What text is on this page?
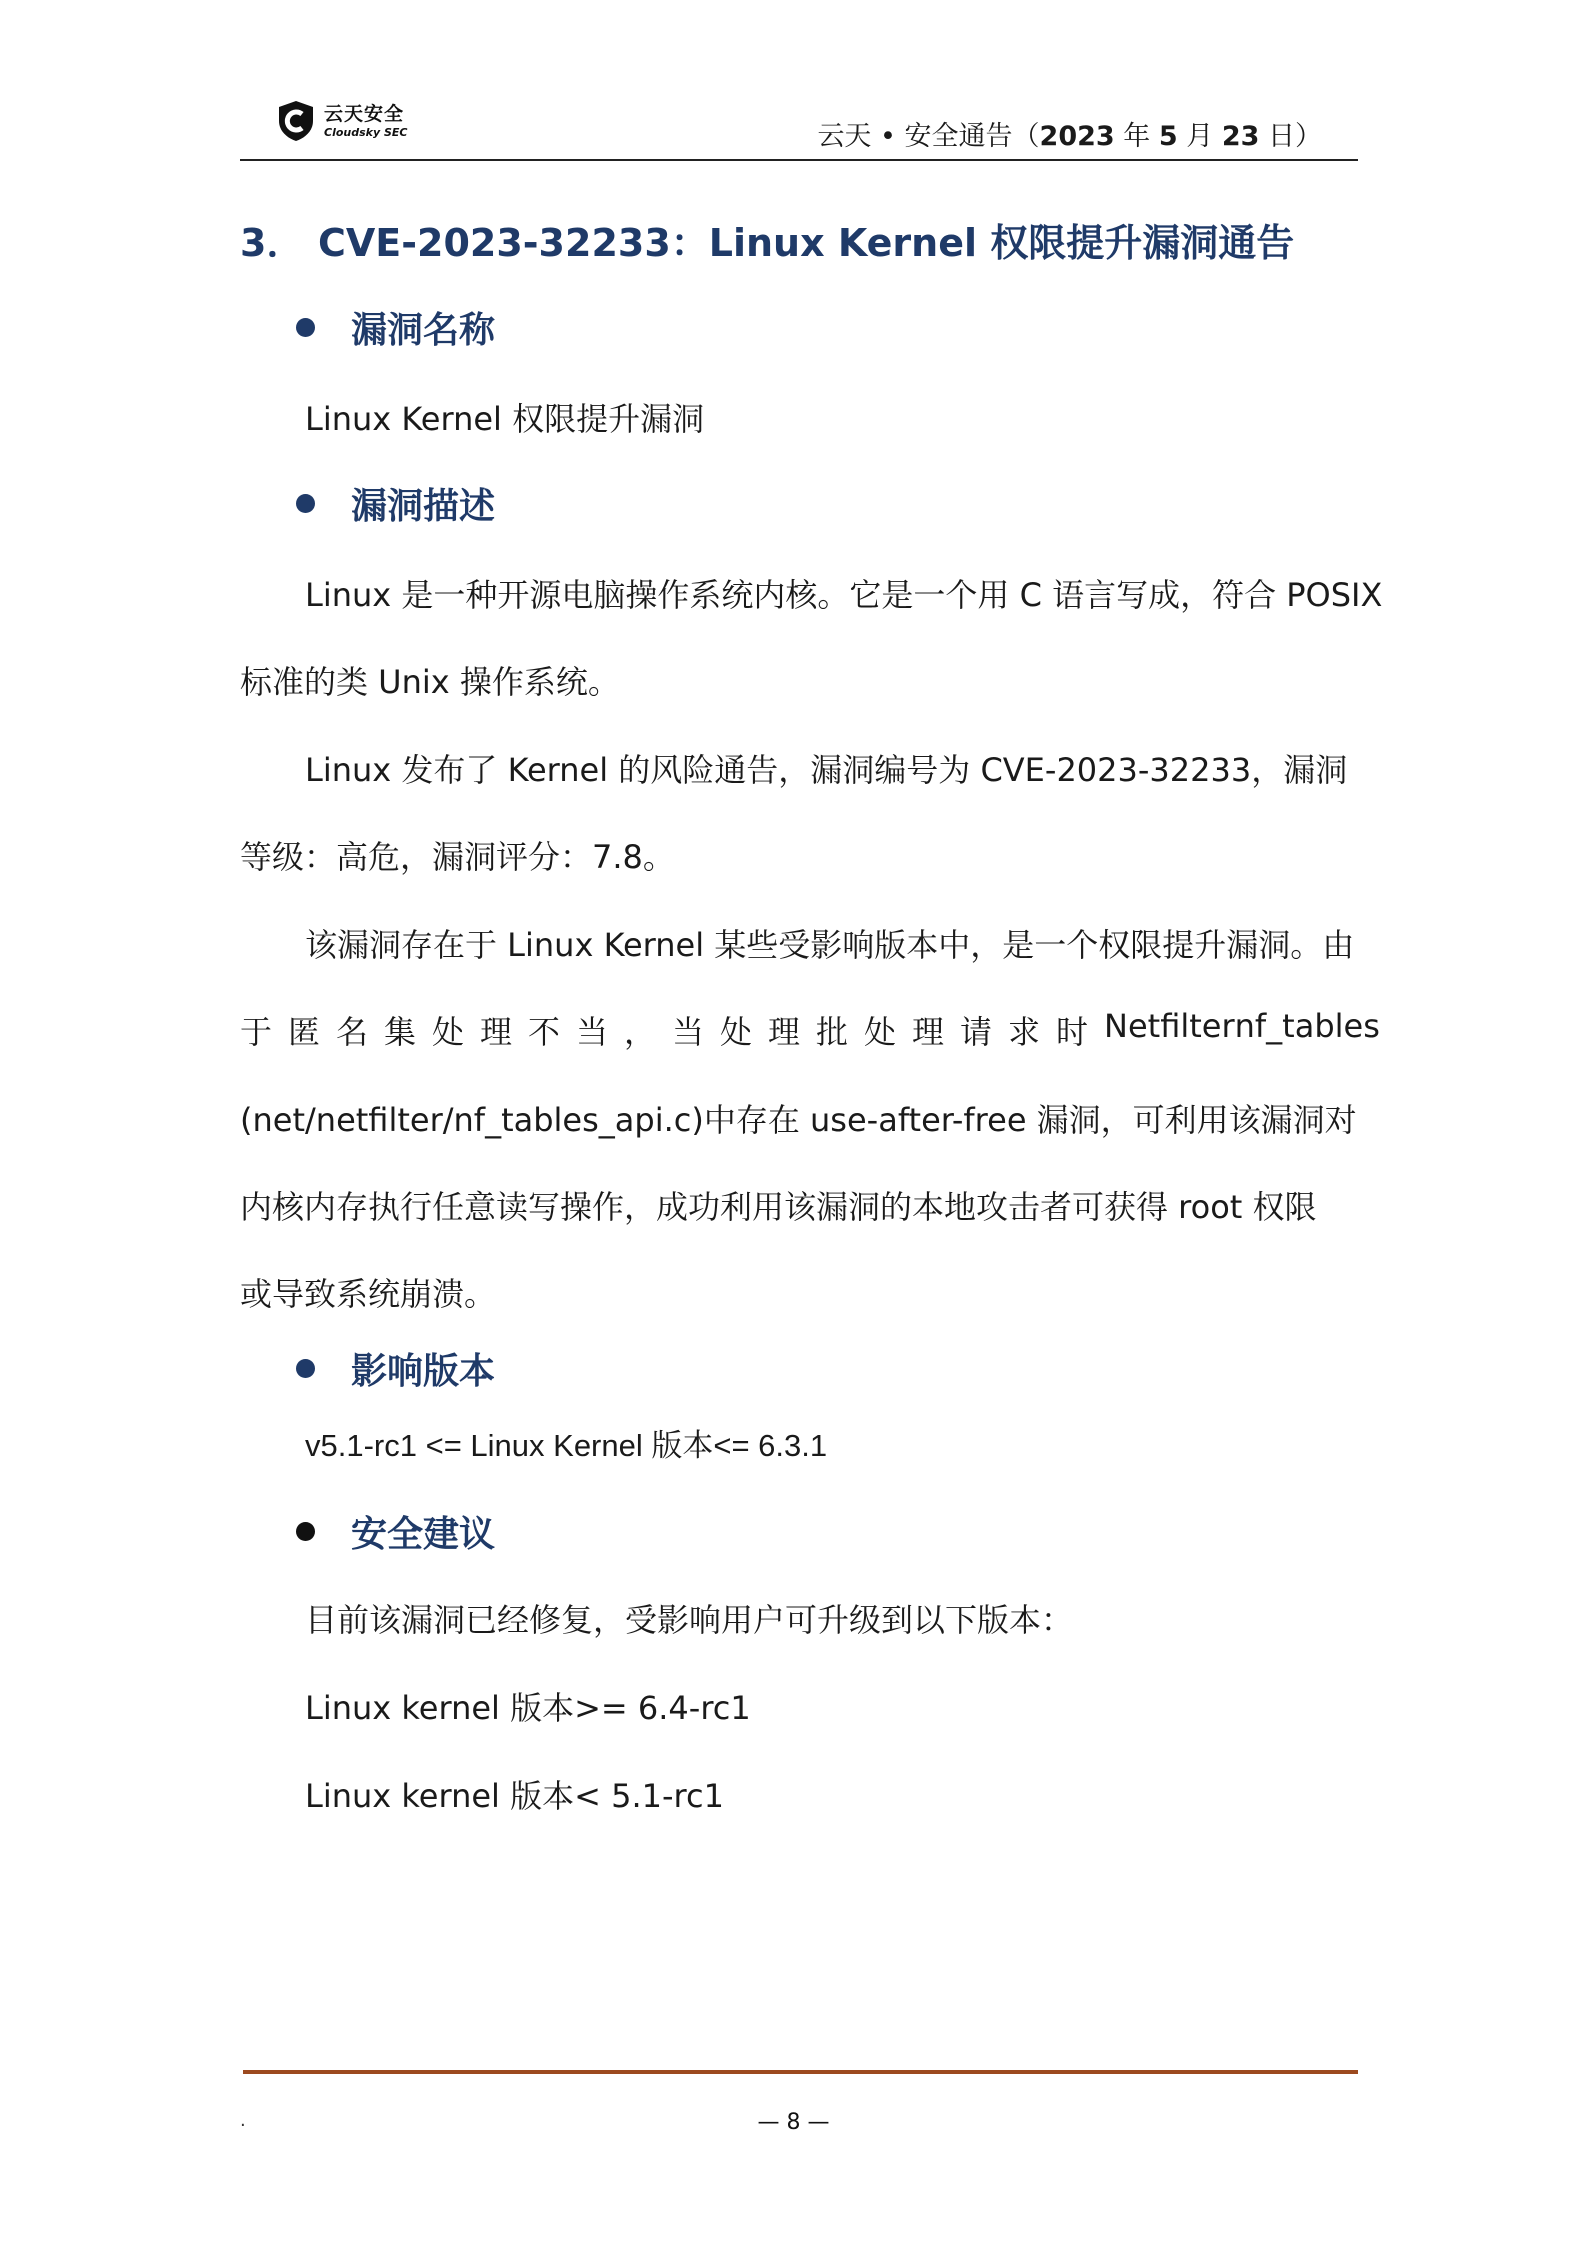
云天安全
Cloudsky SEC	云天 • 安全通告（2023 年 5 月 23 日）
3． CVE-2023-32233：Linux Kernel 权限提升漏洞通告
漏洞名称
Linux Kernel 权限提升漏洞
漏洞描述
Linux 是一种开源电脑操作系统内核。它是一个用 C 语言写成，符合 POSIX
标准的类 Unix 操作系统。
Linux 发布了 Kernel 的风险通告，漏洞编号为 CVE-2023-32233，漏洞
等级：高危，漏洞评分：7.8。
该漏洞存在于 Linux Kernel 某些受影响版本中，是一个权限提升漏洞。由
于匿名集处理不当，当处理批处理请求时 Netfilter nf_tables
(net/netfilter/nf_tables_api.c)中存在 use-after-free 漏洞，可利用该漏洞对
内核内存执行任意读写操作，成功利用该漏洞的本地攻击者可获得 root 权限
或导致系统崩溃。
影响版本
v5.1-rc1 <= Linux Kernel 版本<= 6.3.1
安全建议
目前该漏洞已经修复，受影响用户可升级到以下版本：
Linux kernel 版本>= 6.4-rc1
Linux kernel 版本< 5.1-rc1
.	— 8 —
